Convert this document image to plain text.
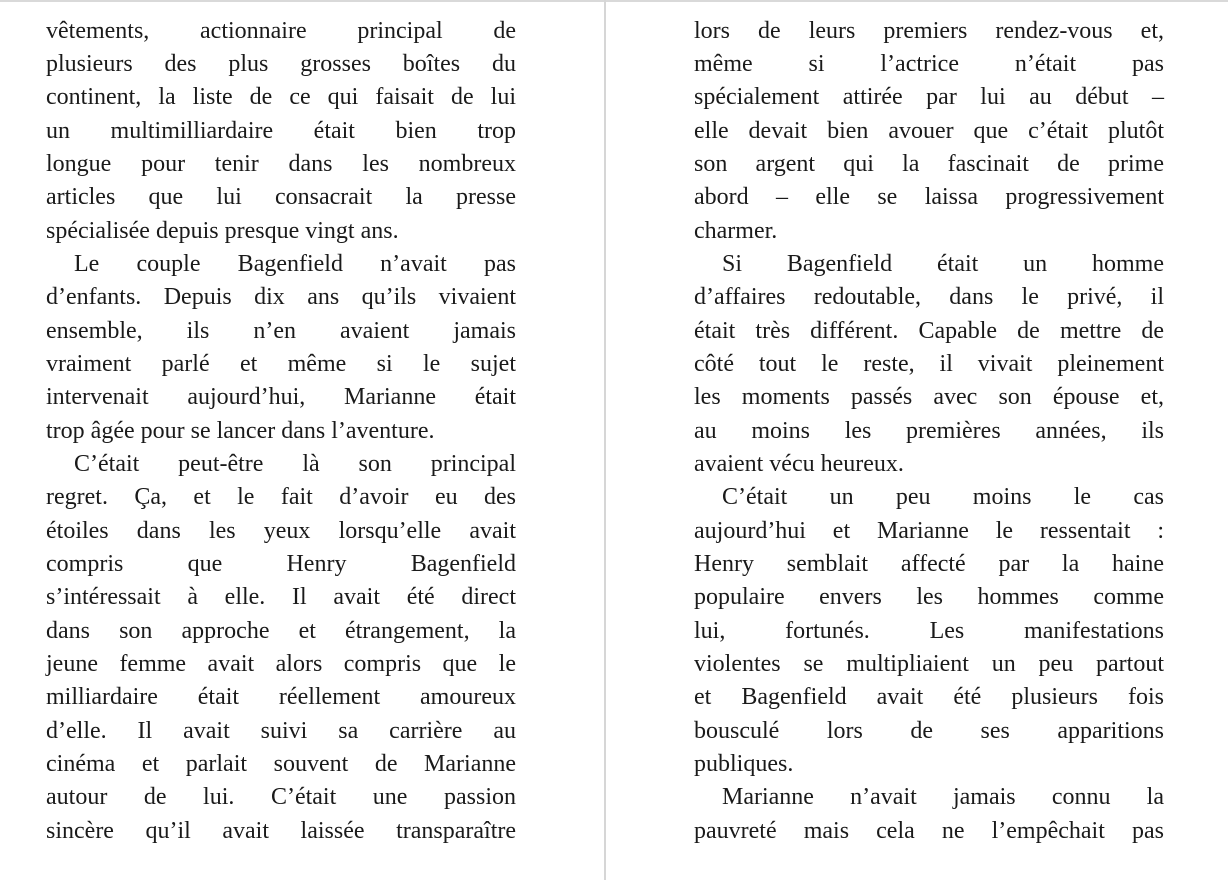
vêtements, actionnaire principal de
plusieurs des plus grosses boîtes du
continent, la liste de ce qui faisait de lui
un multimilliardaire était bien trop
longue pour tenir dans les nombreux
articles que lui consacrait la presse
spécialisée depuis presque vingt ans.
Le couple Bagenfield n’avait pas
d’enfants. Depuis dix ans qu’ils vivaient
ensemble, ils n’en avaient jamais
vraiment parlé et même si le sujet
intervenait aujourd’hui, Marianne était
trop âgée pour se lancer dans l’aventure.
C’était peut-être là son principal
regret. Ça, et le fait d’avoir eu des
étoiles dans les yeux lorsqu’elle avait
compris que Henry Bagenfield
s’intéressait à elle. Il avait été direct
dans son approche et étrangement, la
jeune femme avait alors compris que le
milliardaire était réellement amoureux
d’elle. Il avait suivi sa carrière au
cinéma et parlait souvent de Marianne
autour de lui. C’était une passion
sincère qu’il avait laissée transparaître
lors de leurs premiers rendez-vous et,
même si l’actrice n’était pas
spécialement attirée par lui au début –
elle devait bien avouer que c’était plutôt
son argent qui la fascinait de prime
abord – elle se laissa progressivement
charmer.
Si Bagenfield était un homme
d’affaires redoutable, dans le privé, il
était très différent. Capable de mettre de
côté tout le reste, il vivait pleinement
les moments passés avec son épouse et,
au moins les premières années, ils
avaient vécu heureux.
C’était un peu moins le cas
aujourd’hui et Marianne le ressentait :
Henry semblait affecté par la haine
populaire envers les hommes comme
lui, fortunés. Les manifestations
violentes se multipliaient un peu partout
et Bagenfield avait été plusieurs fois
bousculé lors de ses apparitions
publiques.
Marianne n’avait jamais connu la
pauvreté mais cela ne l’empêchait pas
